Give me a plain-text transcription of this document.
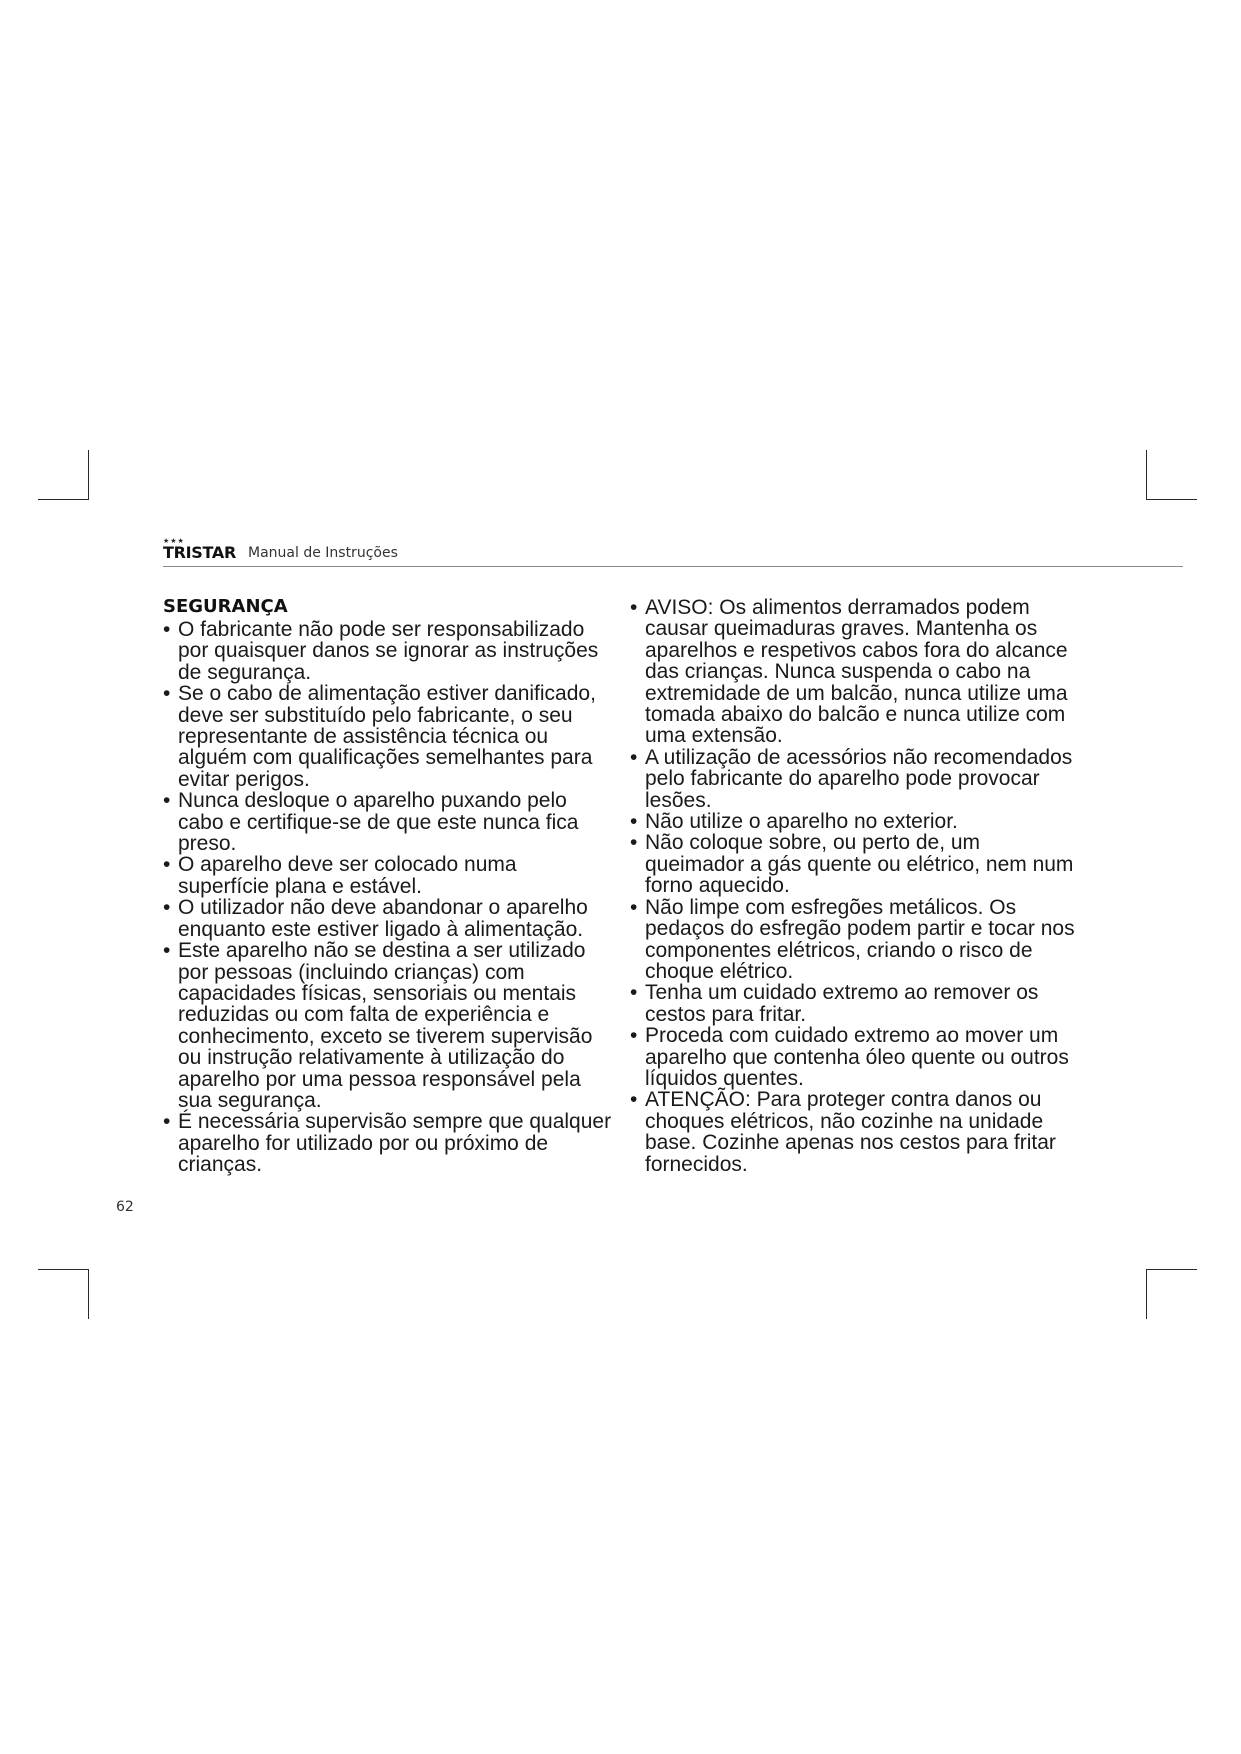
★★★
TRISTAR Manual de Instruções
SEGURANÇA
• O fabricante não pode ser responsabilizado por quaisquer danos se ignorar as instruções de segurança.
• Se o cabo de alimentação estiver danificado, deve ser substituído pelo fabricante, o seu representante de assistência técnica ou alguém com qualificações semelhantes para evitar perigos.
• Nunca desloque o aparelho puxando pelo cabo e certifique-se de que este nunca fica preso.
• O aparelho deve ser colocado numa superfície plana e estável.
• O utilizador não deve abandonar o aparelho enquanto este estiver ligado à alimentação.
• Este aparelho não se destina a ser utilizado por pessoas (incluindo crianças) com capacidades físicas, sensoriais ou mentais reduzidas ou com falta de experiência e conhecimento, exceto se tiverem supervisão ou instrução relativamente à utilização do aparelho por uma pessoa responsável pela sua segurança.
• É necessária supervisão sempre que qualquer aparelho for utilizado por ou próximo de crianças.
• AVISO: Os alimentos derramados podem causar queimaduras graves. Mantenha os aparelhos e respetivos cabos fora do alcance das crianças. Nunca suspenda o cabo na extremidade de um balcão, nunca utilize uma tomada abaixo do balcão e nunca utilize com uma extensão.
• A utilização de acessórios não recomendados pelo fabricante do aparelho pode provocar lesões.
• Não utilize o aparelho no exterior.
• Não coloque sobre, ou perto de, um queimador a gás quente ou elétrico, nem num forno aquecido.
• Não limpe com esfregões metálicos. Os pedaços do esfregão podem partir e tocar nos componentes elétricos, criando o risco de choque elétrico.
• Tenha um cuidado extremo ao remover os cestos para fritar.
• Proceda com cuidado extremo ao mover um aparelho que contenha óleo quente ou outros líquidos quentes.
• ATENÇÃO: Para proteger contra danos ou choques elétricos, não cozinhe na unidade base. Cozinhe apenas nos cestos para fritar fornecidos.
62
